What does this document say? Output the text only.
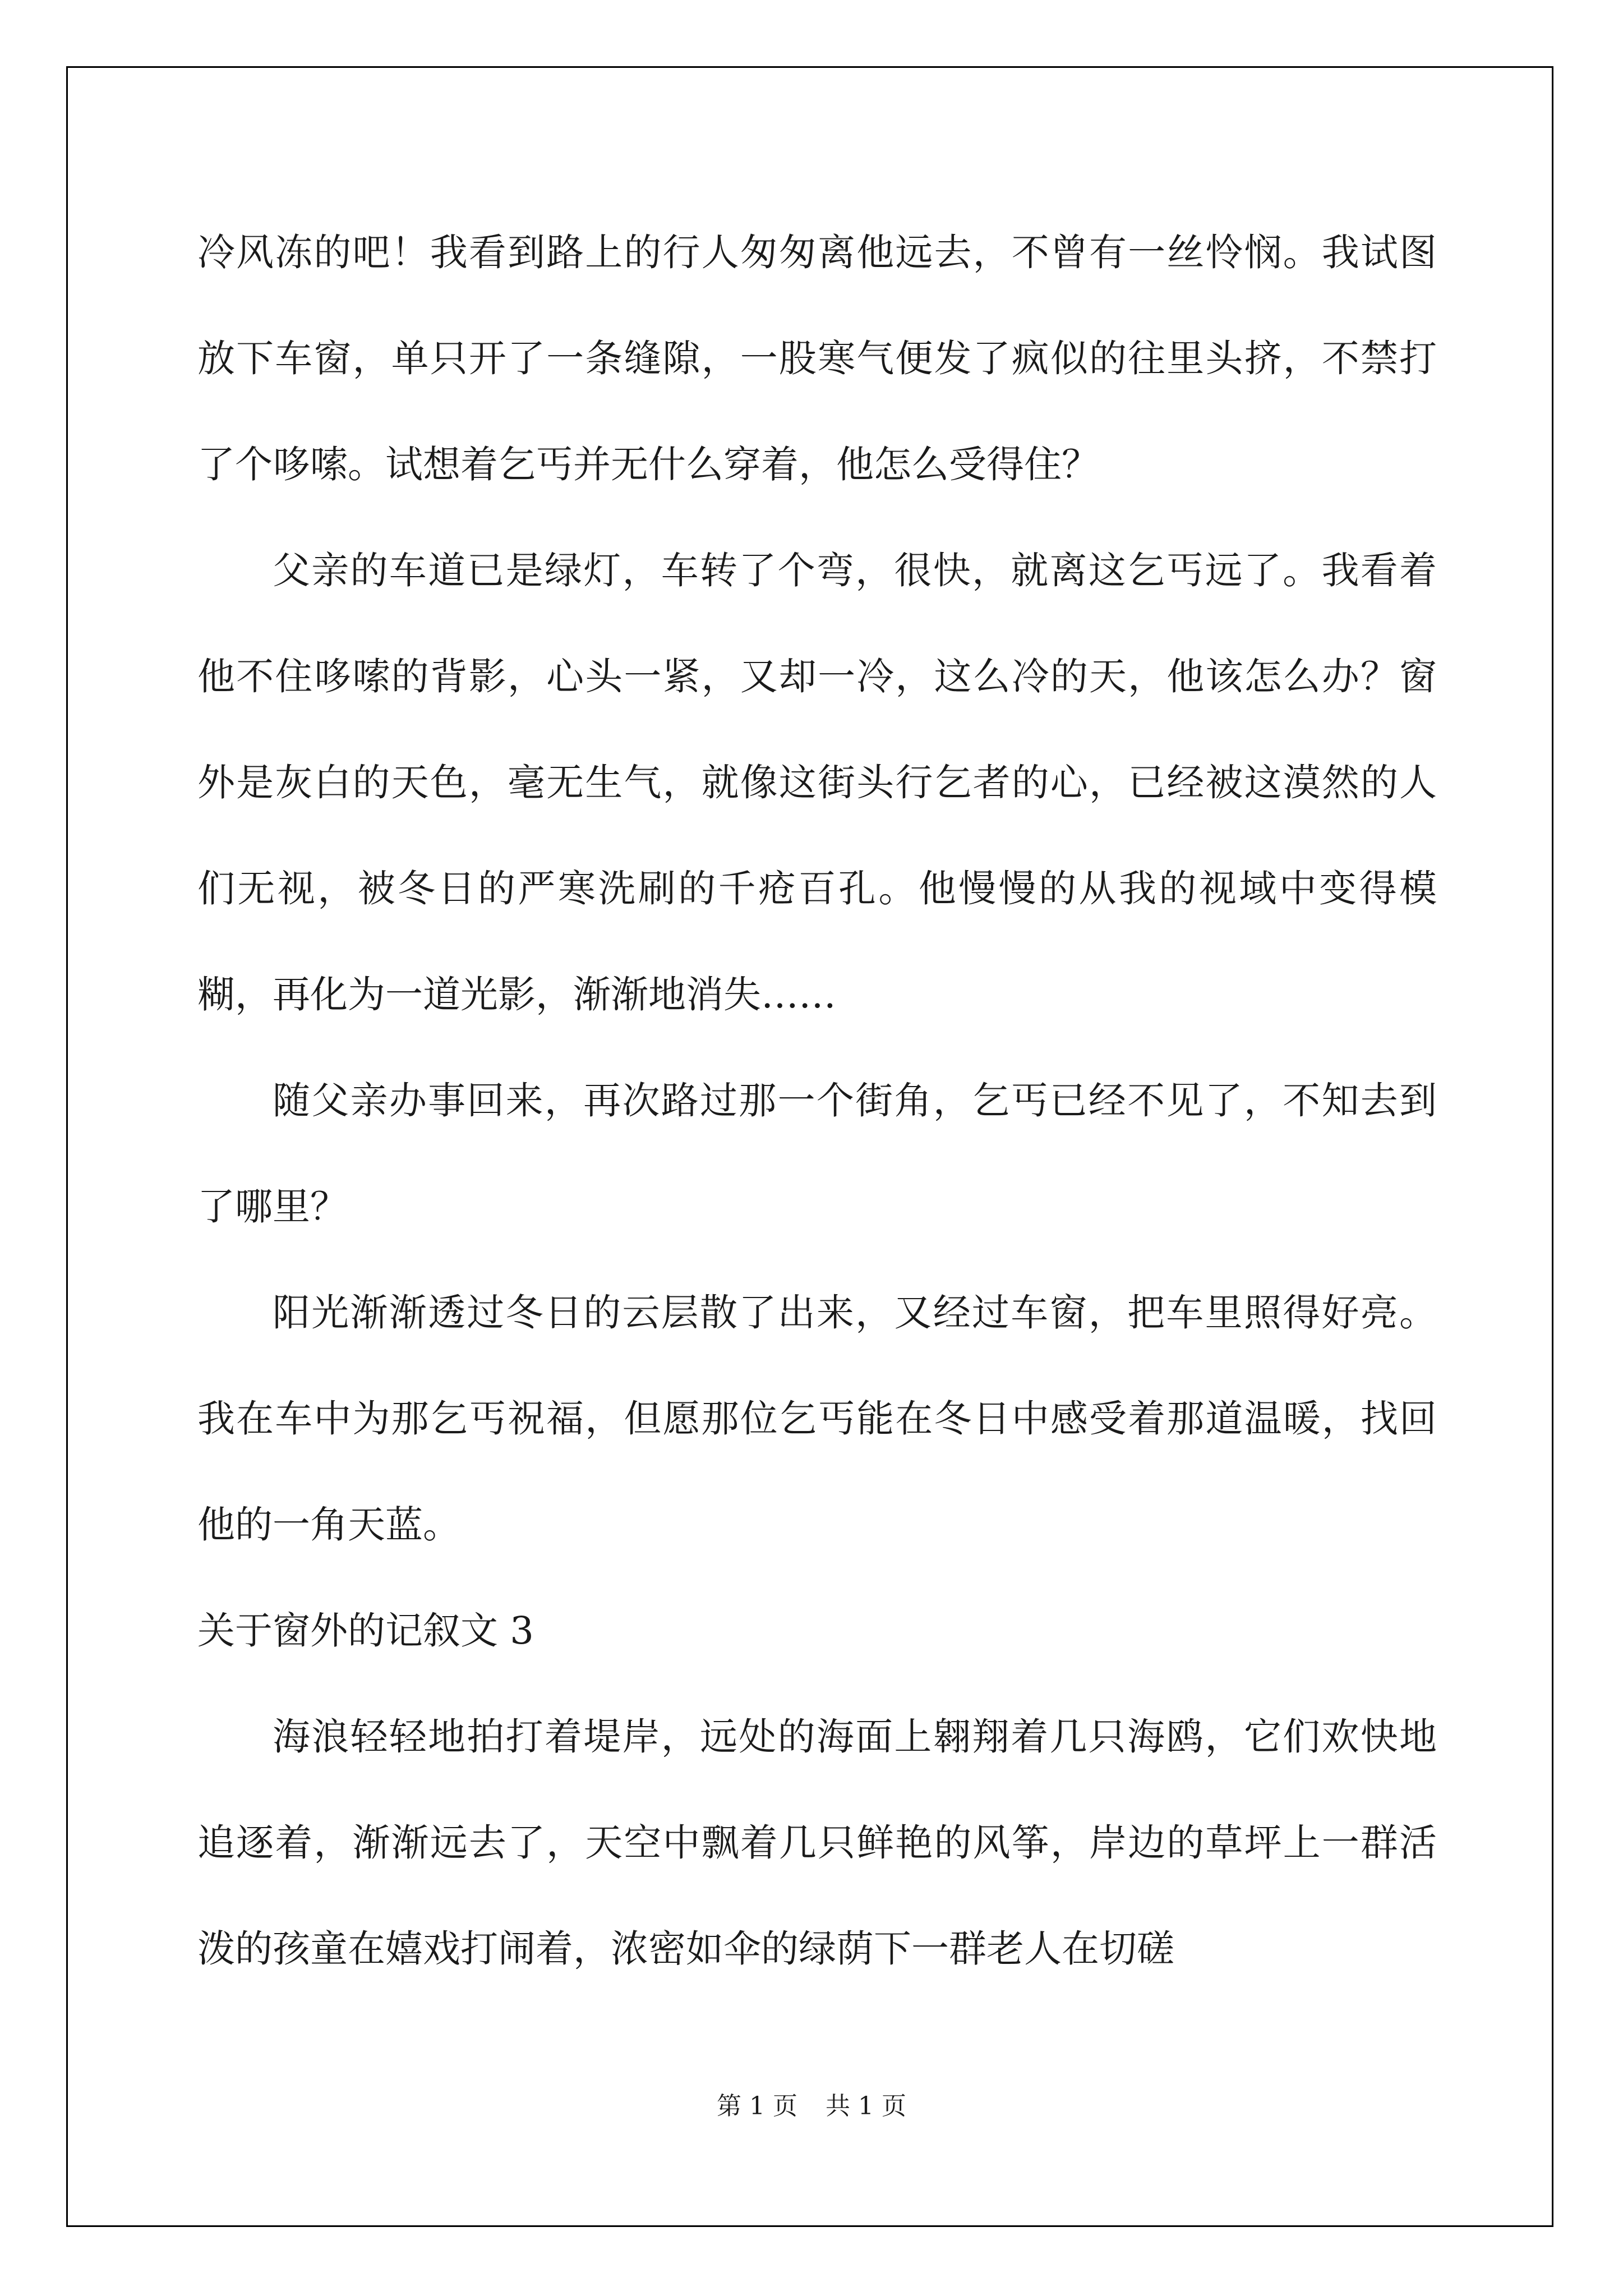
冷风冻的吧！我看到路上的行人匆匆离他远去，不曾有一丝怜悯。我试图放下车窗，单只开了一条缝隙，一股寒气便发了疯似的往里头挤，不禁打了个哆嗦。试想着乞丐并无什么穿着，他怎么受得住？

父亲的车道已是绿灯，车转了个弯，很快，就离这乞丐远了。我看着他不住哆嗦的背影，心头一紧，又却一冷，这么冷的天，他该怎么办？窗外是灰白的天色，毫无生气，就像这街头行乞者的心，已经被这漠然的人们无视，被冬日的严寒洗刷的千疮百孔。他慢慢的从我的视域中变得模糊，再化为一道光影，渐渐地消失……

随父亲办事回来，再次路过那一个街角，乞丐已经不见了，不知去到了哪里？

阳光渐渐透过冬日的云层散了出来，又经过车窗，把车里照得好亮。我在车中为那乞丐祝福，但愿那位乞丐能在冬日中感受着那道温暖，找回他的一角天蓝。

关于窗外的记叙文 3

海浪轻轻地拍打着堤岸，远处的海面上翱翔着几只海鸥，它们欢快地追逐着，渐渐远去了，天空中飘着几只鲜艳的风筝，岸边的草坪上一群活泼的孩童在嬉戏打闹着，浓密如伞的绿荫下一群老人在切磋

第 1 页 共 1 页
